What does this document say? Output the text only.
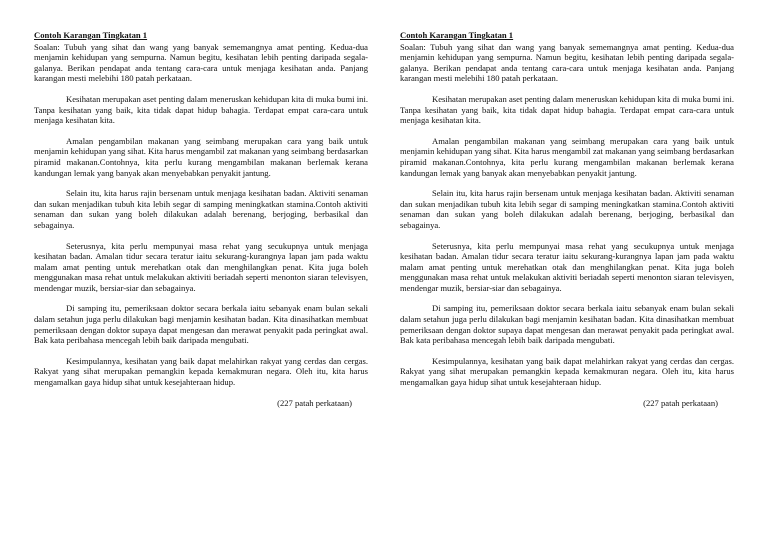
Contoh Karangan Tingkatan 1

Soalan: Tubuh yang sihat dan wang yang banyak sememangnya amat penting. Kedua-dua menjamin kehidupan yang sempurna. Namun begitu, kesihatan lebih penting daripada segala-galanya. Berikan pendapat anda tentang cara-cara untuk menjaga kesihatan anda. Panjang karangan mesti melebihi 180 patah perkataan.

Kesihatan merupakan aset penting dalam meneruskan kehidupan kita di muka bumi ini. Tanpa kesihatan yang baik, kita tidak dapat hidup bahagia. Terdapat empat cara-cara untuk menjaga kesihatan kita.

Amalan pengambilan makanan yang seimbang merupakan cara yang baik untuk menjamin kehidupan yang sihat. Kita harus mengambil zat makanan yang seimbang berdasarkan piramid makanan.Contohnya, kita perlu kurang mengambilan makanan berlemak kerana kandungan lemak yang banyak akan menyebabkan penyakit jantung.

Selain itu, kita harus rajin bersenam untuk menjaga kesihatan badan. Aktiviti senaman dan sukan menjadikan tubuh kita lebih segar di samping meningkatkan stamina.Contoh aktiviti senaman dan sukan yang boleh dilakukan adalah berenang, berjoging, berbasikal dan sebagainya.

Seterusnya, kita perlu mempunyai masa rehat yang secukupnya untuk menjaga kesihatan badan. Amalan tidur secara teratur iaitu sekurang-kurangnya lapan jam pada waktu malam amat penting untuk merehatkan otak dan menghilangkan penat. Kita juga boleh menggunakan masa rehat untuk melakukan aktiviti beriadah seperti menonton siaran televisyen, mendengar muzik, bersiar-siar dan sebagainya.

Di samping itu, pemeriksaan doktor secara berkala iaitu sebanyak enam bulan sekali dalam setahun juga perlu dilakukan bagi menjamin kesihatan badan. Kita dinasihatkan membuat pemeriksaan dengan doktor supaya dapat mengesan dan merawat penyakit pada peringkat awal. Bak kata peribahasa mencegah lebih baik daripada mengubati.

Kesimpulannya, kesihatan yang baik dapat melahirkan rakyat yang cerdas dan cergas. Rakyat yang sihat merupakan pemangkin kepada kemakmuran negara. Oleh itu, kita harus mengamalkan gaya hidup sihat untuk kesejahteraan hidup.

(227 patah perkataan)
Contoh Karangan Tingkatan 1

Soalan: Tubuh yang sihat dan wang yang banyak sememangnya amat penting. Kedua-dua menjamin kehidupan yang sempurna. Namun begitu, kesihatan lebih penting daripada segala-galanya. Berikan pendapat anda tentang cara-cara untuk menjaga kesihatan anda. Panjang karangan mesti melebihi 180 patah perkataan.

Kesihatan merupakan aset penting dalam meneruskan kehidupan kita di muka bumi ini. Tanpa kesihatan yang baik, kita tidak dapat hidup bahagia. Terdapat empat cara-cara untuk menjaga kesihatan kita.

Amalan pengambilan makanan yang seimbang merupakan cara yang baik untuk menjamin kehidupan yang sihat. Kita harus mengambil zat makanan yang seimbang berdasarkan piramid makanan.Contohnya, kita perlu kurang mengambilan makanan berlemak kerana kandungan lemak yang banyak akan menyebabkan penyakit jantung.

Selain itu, kita harus rajin bersenam untuk menjaga kesihatan badan. Aktiviti senaman dan sukan menjadikan tubuh kita lebih segar di samping meningkatkan stamina.Contoh aktiviti senaman dan sukan yang boleh dilakukan adalah berenang, berjoging, berbasikal dan sebagainya.

Seterusnya, kita perlu mempunyai masa rehat yang secukupnya untuk menjaga kesihatan badan. Amalan tidur secara teratur iaitu sekurang-kurangnya lapan jam pada waktu malam amat penting untuk merehatkan otak dan menghilangkan penat. Kita juga boleh menggunakan masa rehat untuk melakukan aktiviti beriadah seperti menonton siaran televisyen, mendengar muzik, bersiar-siar dan sebagainya.

Di samping itu, pemeriksaan doktor secara berkala iaitu sebanyak enam bulan sekali dalam setahun juga perlu dilakukan bagi menjamin kesihatan badan. Kita dinasihatkan membuat pemeriksaan dengan doktor supaya dapat mengesan dan merawat penyakit pada peringkat awal. Bak kata peribahasa mencegah lebih baik daripada mengubati.

Kesimpulannya, kesihatan yang baik dapat melahirkan rakyat yang cerdas dan cergas. Rakyat yang sihat merupakan pemangkin kepada kemakmuran negara. Oleh itu, kita harus mengamalkan gaya hidup sihat untuk kesejahteraan hidup.

(227 patah perkataan)
